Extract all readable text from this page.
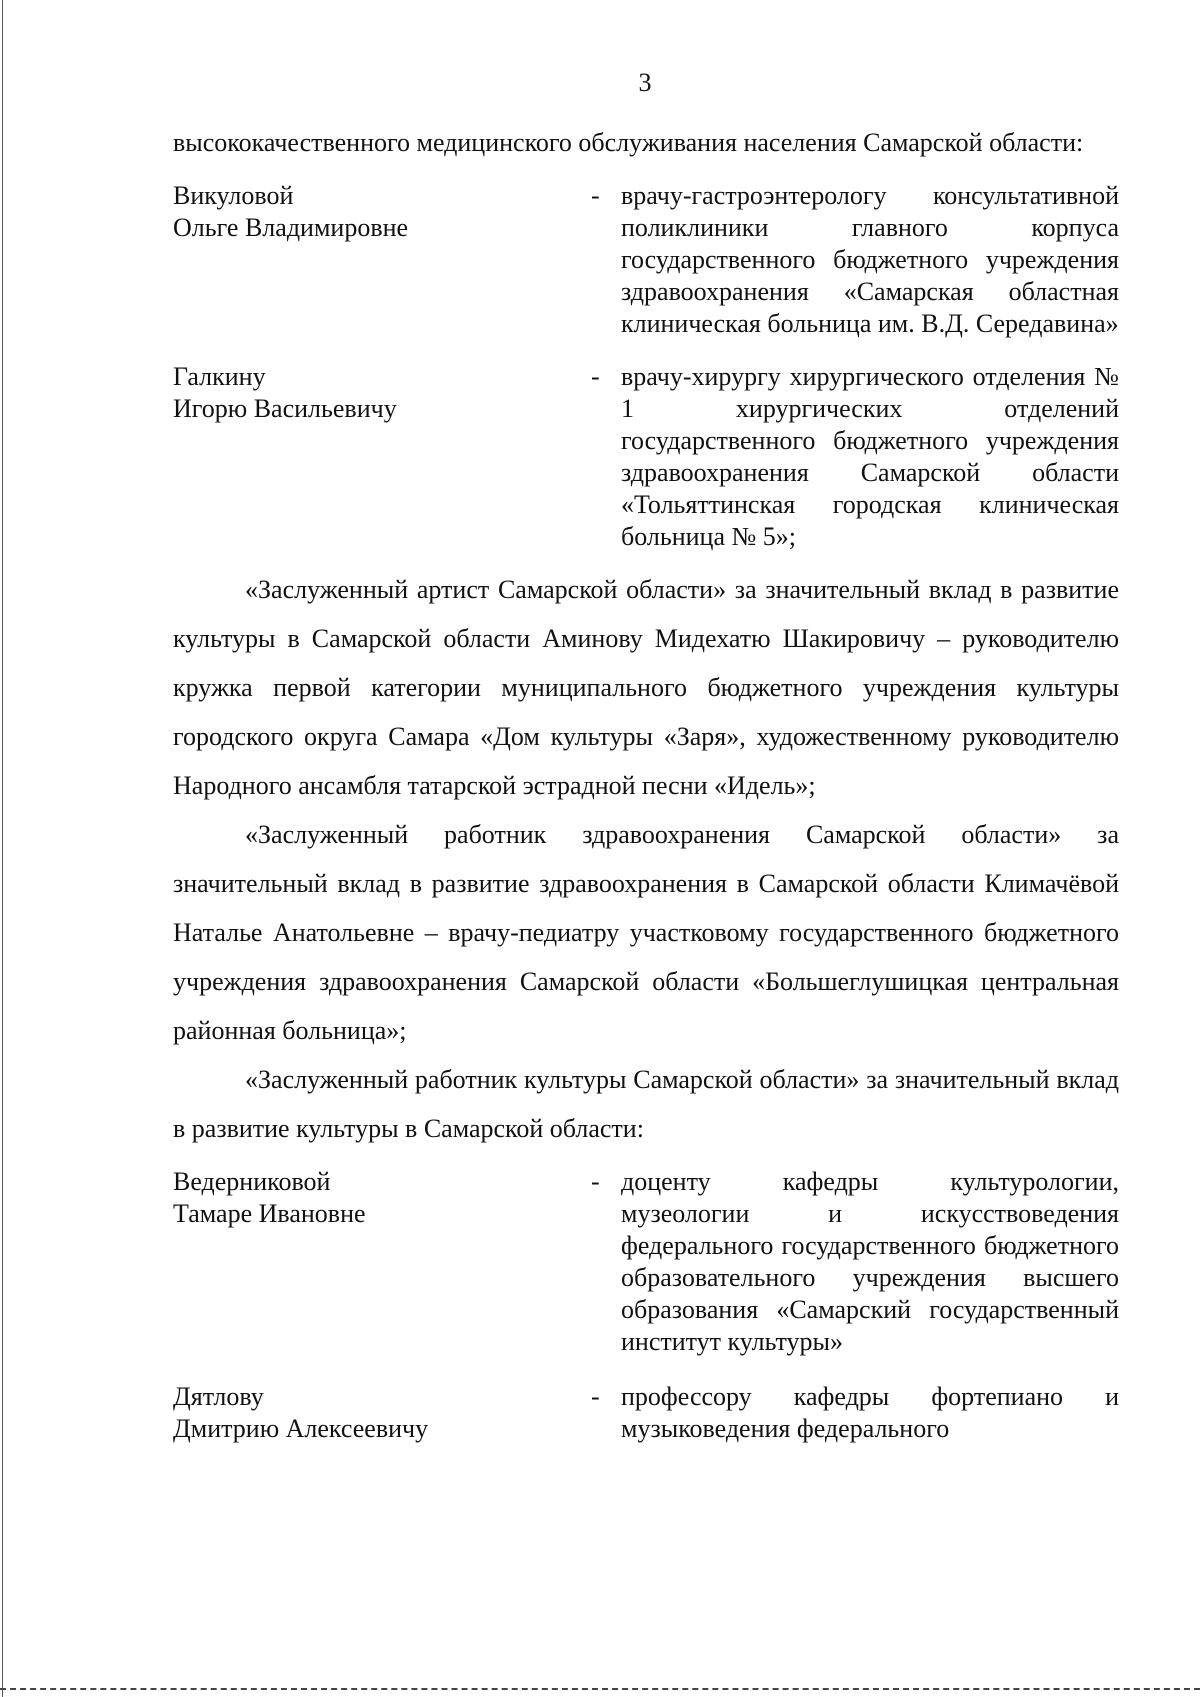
3

высококачественного медицинского обслуживания населения Самарской области:

Викуловой
Ольге Владимировне
- врачу-гастроэнтерологу консультативной поликлиники главного корпуса государственного бюджетного учреждения здравоохранения «Самарская областная клиническая больница им. В.Д. Середавина»
Галкину
Игорю Васильевичу
- врачу-хирургу хирургического отделения № 1 хирургических отделений государственного бюджетного учреждения здравоохранения Самарской области «Тольяттинская городская клиническая больница № 5»;

«Заслуженный артист Самарской области» за значительный вклад в развитие культуры в Самарской области Аминову Мидехатю Шакировичу – руководителю кружка первой категории муниципального бюджетного учреждения культуры городского округа Самара «Дом культуры «Заря», художественному руководителю Народного ансамбля татарской эстрадной песни «Идель»;

«Заслуженный работник здравоохранения Самарской области» за значительный вклад в развитие здравоохранения в Самарской области Климачёвой Наталье Анатольевне – врачу-педиатру участковому государственного бюджетного учреждения здравоохранения Самарской области «Большеглушицкая центральная районная больница»;

«Заслуженный работник культуры Самарской области» за значительный вклад в развитие культуры в Самарской области:

Ведерниковой
Тамаре Ивановне
- доценту кафедры культурологии, музеологии и искусствоведения федерального государственного бюджетного образовательного учреждения высшего образования «Самарский государственный институт культуры»
Дятлову
Дмитрию Алексеевичу
- профессору кафедры фортепиано и музыковедения федерального
